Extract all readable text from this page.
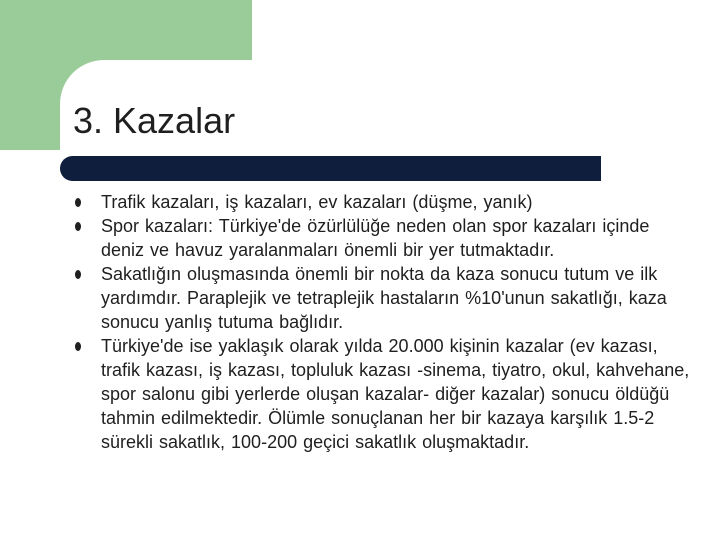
3. Kazalar
Trafik kazaları, iş kazaları, ev kazaları (düşme, yanık)
Spor kazaları: Türkiye'de özürlülüğe neden olan spor kazaları içinde deniz ve havuz yaralanmaları önemli bir yer tutmaktadır.
Sakatlığın oluşmasında önemli bir nokta da kaza sonucu tutum ve ilk yardımdır. Paraplejik ve tetraplejik hastaların %10'unun sakatlığı, kaza sonucu yanlış tutuma bağlıdır.
Türkiye'de ise yaklaşık olarak yılda 20.000 kişinin kazalar (ev kazası, trafik kazası, iş kazası, topluluk kazası -sinema, tiyatro, okul, kahvehane, spor salonu gibi yerlerde oluşan kazalar- diğer kazalar) sonucu öldüğü tahmin edilmektedir. Ölümle sonuçlanan her bir kazaya karşılık 1.5-2 sürekli sakatlık, 100-200 geçici sakatlık oluşmaktadır.
